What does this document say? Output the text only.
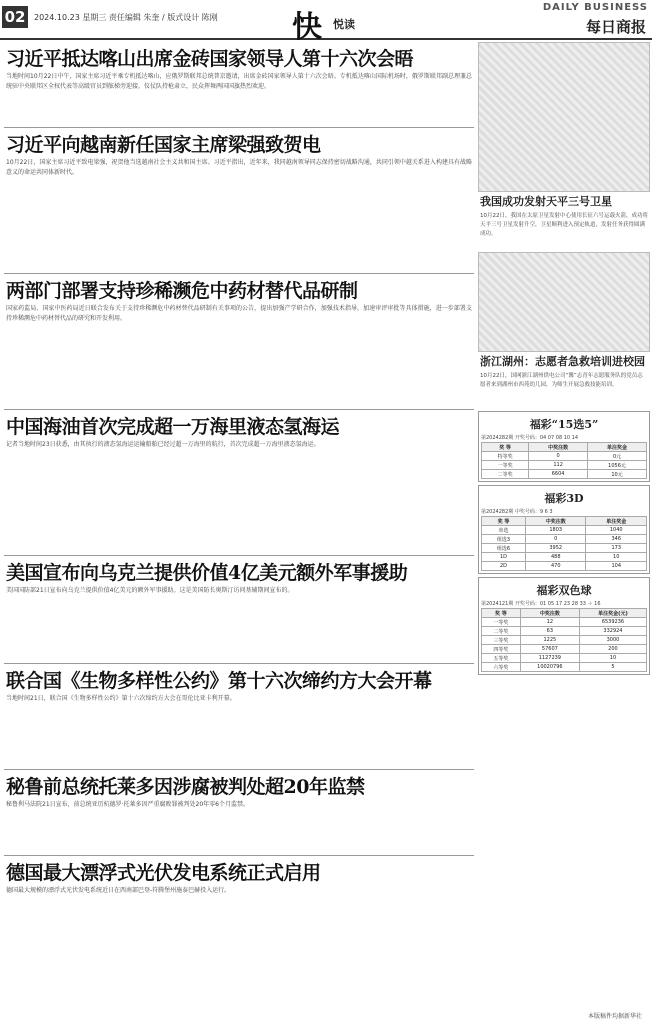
02	2024.10.23 星期三 责任编辑 朱奎 / 版式设计 陈刚 快 悦读
DAILY BUSINESS
每日商报
习近平抵达喀山出席金砖国家领导人第十六次会晤

当地时间10月22日中午，国家主席习近平乘专机抵达喀山，应俄罗斯联邦总统普京邀请，出席金砖国家领导人第十六次会晤。专机抵达喀山国际机场时，俄罗斯联邦副总理兼总统驻中央联邦区全权代表等高级官员到舷梯旁迎接。仪仗队持枪肃立，民众挥舞两国国旗热烈欢迎。

习近平向越南新任国家主席梁强致贺电

10月22日，国家主席习近平致电梁强，祝贺他当选越南社会主义共和国主席。习近平指出，近年来，我同越南领导同志保持密切战略沟通，共同引领中越关系进入构建具有战略意义的命运共同体新时代。

两部门部署支持珍稀濒危中药材替代品研制

国家药监局、国家中医药局近日联合发布关于支持珍稀濒危中药材替代品研制有关事项的公告，提出加强产学研合作，加强技术指导，加速审评审批等具体措施，进一步部署支持珍稀濒危中药材替代品的研究和开发利用。

中国海油首次完成超一万海里液态氢海运

记者当地时间23日获悉，由其执行的液态氢海运运输船舶已经过超一万海里的航行，首次完成超一万海里液态氢海运。

美国宣布向乌克兰提供价值4亿美元额外军事援助

美国国防部21日宣布向乌克兰提供价值4亿美元的额外军事援助。这是美国防长奥斯汀访问基辅期间宣布的。

联合国《生物多样性公约》第十六次缔约方大会开幕

当地时间21日，联合国《生物多样性公约》第十六次缔约方大会在哥伦比亚卡利开幕。

秘鲁前总统托莱多因涉腐被判处超20年监禁

秘鲁利马法院21日宣布，前总统亚历杭德罗·托莱多因严重腐败罪被判处20年零6个月监禁。

德国最大漂浮式光伏发电系统正式启用

德国最大规模的漂浮式光伏发电系统近日在西南部巴登-符腾堡州施泰巴赫投入运行。

我国成功发射天平三号卫星
10月22日，我国在太原卫星发射中心使用长征六号运载火箭，成功将天平三号卫星发射升空，卫星顺利进入预定轨道，发射任务获得圆满成功。
浙江湖州：志愿者急救培训进校园
10月22日，国网浙江湖州供电公司“馨”志青年志愿服务队的党员志愿者来到湖州市西苑幼儿园，为师生开展急救技能培训。
福彩“15选5”
第2024282期 开奖号码：04 07 08 10 14
奖 等	中奖注数	单注奖金
特等奖	0	0元
一等奖	112	1056元
二等奖	6604	10元
福彩3D
第2024282期 中奖号码：9 6 3
奖 等	中奖注数	单注奖金
单选	1803	1040
组选3	0	346
组选6	3952	173
1D	488	10
2D	470	104
福彩双色球
第2024121期 开奖号码：01 05 17 23 28 33 ＋ 16
奖 等	中奖注数	单注奖金(元)
一等奖	12	6539236
二等奖	63	332924
三等奖	1225	3000
四等奖	57607	200
五等奖	1127239	10
六等奖	10020796	5
本版稿件均据新华社
